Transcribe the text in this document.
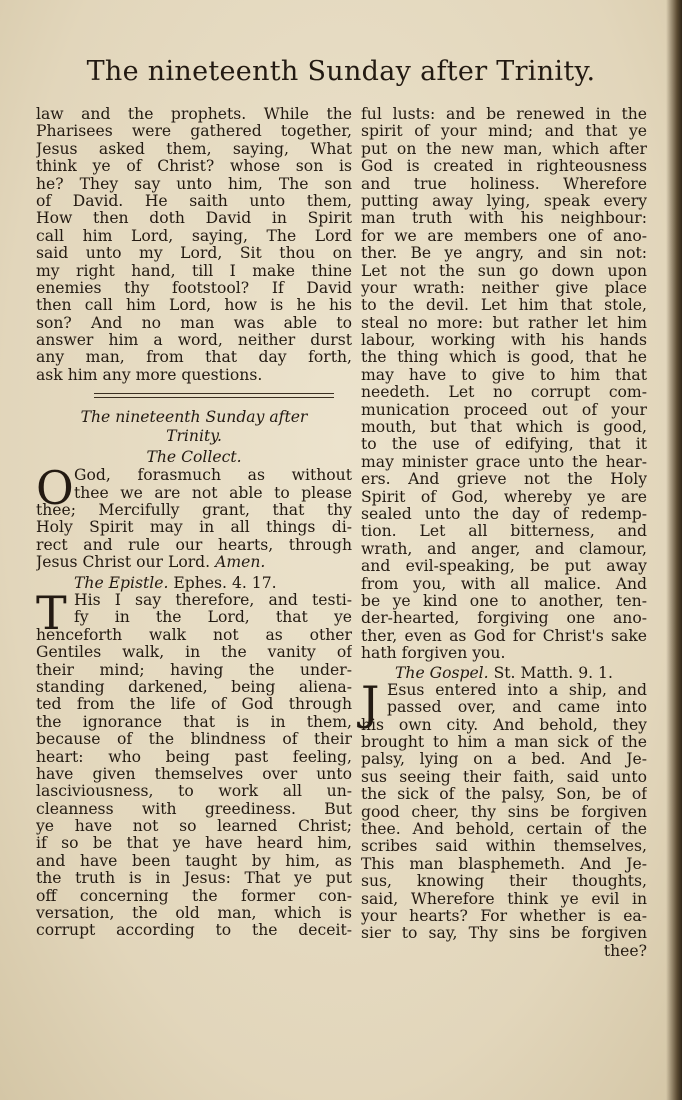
The nineteenth Sunday after Trinity.
law and the prophets. While the
Pharisees were gathered together,
Jesus asked them, saying, What
think ye of Christ? whose son is
he? They say unto him, The son
of David. He saith unto them,
How then doth David in Spirit
call him Lord, saying, The Lord
said unto my Lord, Sit thou on
my right hand, till I make thine
enemies thy footstool? If David
then call him Lord, how is he his
son? And no man was able to
answer him a word, neither durst
any man, from that day forth,
ask him any more questions.
The nineteenth Sunday after
Trinity.
The Collect.
O God, forasmuch as without
thee we are not able to please
thee; Mercifully grant, that thy
Holy Spirit may in all things di-
rect and rule our hearts, through
Jesus Christ our Lord. Amen.
The Epistle. Ephes. 4. 17.
T His I say therefore, and testi-
fy in the Lord, that ye
henceforth walk not as other
Gentiles walk, in the vanity of
their mind; having the under-
standing darkened, being aliena-
ted from the life of God through
the ignorance that is in them,
because of the blindness of their
heart: who being past feeling,
have given themselves over unto
lasciviousness, to work all un-
cleanness with greediness. But
ye have not so learned Christ;
if so be that ye have heard him,
and have been taught by him, as
the truth is in Jesus: That ye put
off concerning the former con-
versation, the old man, which is
corrupt according to the deceit-
ful lusts: and be renewed in the
spirit of your mind; and that ye
put on the new man, which after
God is created in righteousness
and true holiness. Wherefore
putting away lying, speak every
man truth with his neighbour:
for we are members one of ano-
ther. Be ye angry, and sin not:
Let not the sun go down upon
your wrath: neither give place
to the devil. Let him that stole,
steal no more: but rather let him
labour, working with his hands
the thing which is good, that he
may have to give to him that
needeth. Let no corrupt com-
munication proceed out of your
mouth, but that which is good,
to the use of edifying, that it
may minister grace unto the hear-
ers. And grieve not the Holy
Spirit of God, whereby ye are
sealed unto the day of redemp-
tion. Let all bitterness, and
wrath, and anger, and clamour,
and evil-speaking, be put away
from you, with all malice. And
be ye kind one to another, ten-
der-hearted, forgiving one ano-
ther, even as God for Christ's sake
hath forgiven you.
The Gospel. St. Matth. 9. 1.
J Esus entered into a ship, and
passed over, and came into
his own city. And behold, they
brought to him a man sick of the
palsy, lying on a bed. And Je-
sus seeing their faith, said unto
the sick of the palsy, Son, be of
good cheer, thy sins be forgiven
thee. And behold, certain of the
scribes said within themselves,
This man blasphemeth. And Je-
sus, knowing their thoughts,
said, Wherefore think ye evil in
your hearts? For whether is ea-
sier to say, Thy sins be forgiven
thee?
